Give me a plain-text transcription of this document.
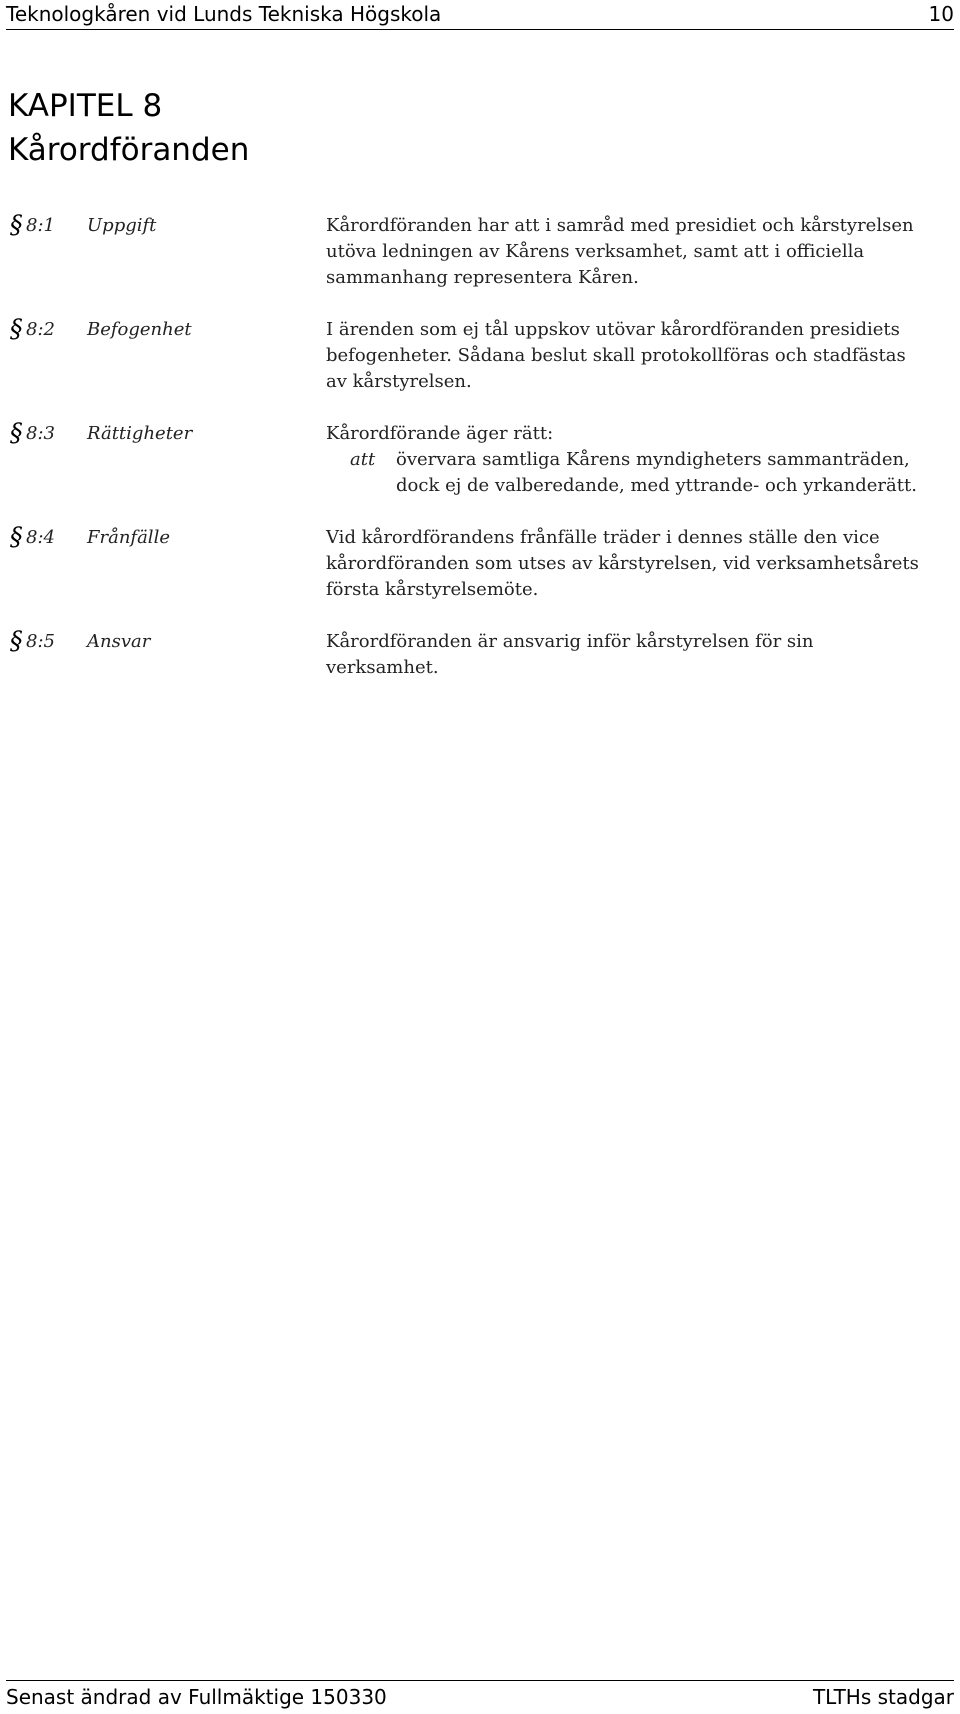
Teknologkåren vid Lunds Tekniska Högskola	10
KAPITEL 8
Kårordföranden
§ 8:1 Uppgift	Kårordföranden har att i samråd med presidiet och kårstyrelsen utöva ledningen av Kårens verksamhet, samt att i officiella sammanhang representera Kåren.
§ 8:2 Befogenhet	I ärenden som ej tål uppskov utövar kårordföranden presidiets befogenheter. Sådana beslut skall protokollföras och stadfästas av kårstyrelsen.
§ 8:3 Rättigheter	Kårordförande äger rätt:
att	övervara samtliga Kårens myndigheters sammanträden, dock ej de valberedande, med yttrande- och yrkanderätt.
§ 8:4 Frånfälle	Vid kårordförandens frånfälle träder i dennes ställe den vice kårordföranden som utses av kårstyrelsen, vid verksamhetsårets första kårstyrelsemöte.
§ 8:5 Ansvar	Kårordföranden är ansvarig inför kårstyrelsen för sin verksamhet.
Senast ändrad av Fullmäktige 150330	TLTHs stadgar
